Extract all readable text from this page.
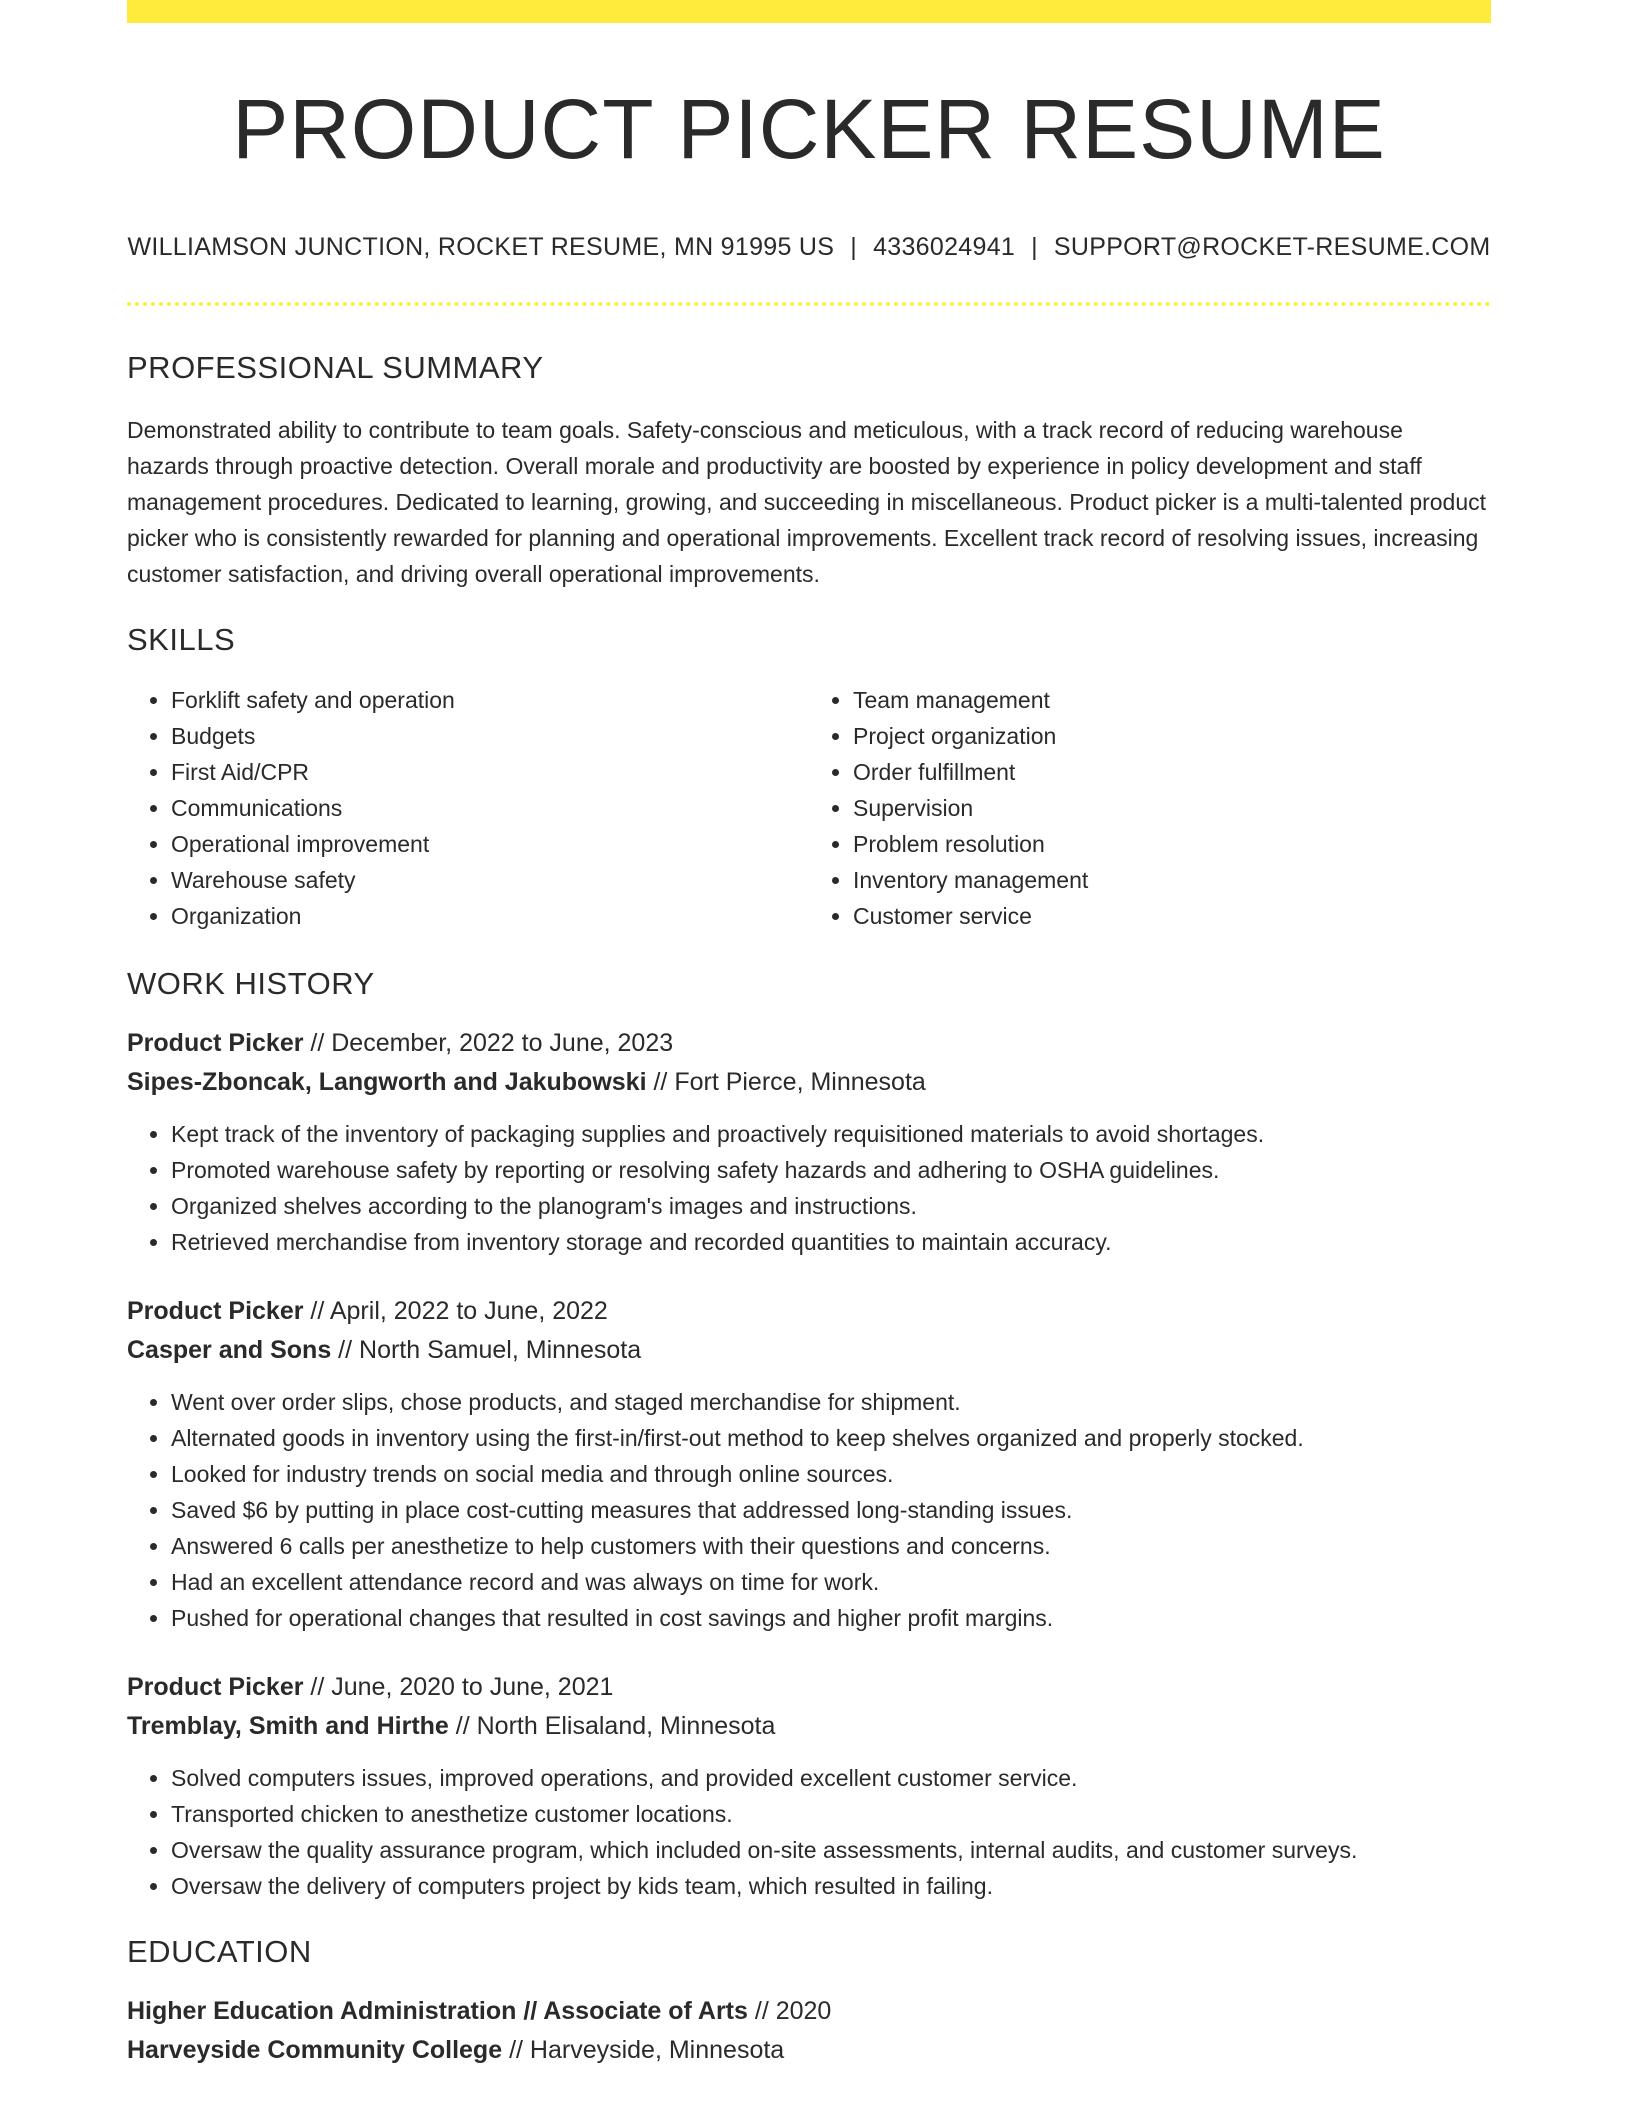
PRODUCT PICKER RESUME
WILLIAMSON JUNCTION, ROCKET RESUME, MN 91995 US | 4336024941 | SUPPORT@ROCKET-RESUME.COM
PROFESSIONAL SUMMARY
Demonstrated ability to contribute to team goals. Safety-conscious and meticulous, with a track record of reducing warehouse hazards through proactive detection. Overall morale and productivity are boosted by experience in policy development and staff management procedures. Dedicated to learning, growing, and succeeding in miscellaneous. Product picker is a multi-talented product picker who is consistently rewarded for planning and operational improvements. Excellent track record of resolving issues, increasing customer satisfaction, and driving overall operational improvements.
SKILLS
• Forklift safety and operation
• Budgets
• First Aid/CPR
• Communications
• Operational improvement
• Warehouse safety
• Organization
• Team management
• Project organization
• Order fulfillment
• Supervision
• Problem resolution
• Inventory management
• Customer service
WORK HISTORY
Product Picker // December, 2022 to June, 2023
Sipes-Zboncak, Langworth and Jakubowski // Fort Pierce, Minnesota
• Kept track of the inventory of packaging supplies and proactively requisitioned materials to avoid shortages.
• Promoted warehouse safety by reporting or resolving safety hazards and adhering to OSHA guidelines.
• Organized shelves according to the planogram's images and instructions.
• Retrieved merchandise from inventory storage and recorded quantities to maintain accuracy.
Product Picker // April, 2022 to June, 2022
Casper and Sons // North Samuel, Minnesota
• Went over order slips, chose products, and staged merchandise for shipment.
• Alternated goods in inventory using the first-in/first-out method to keep shelves organized and properly stocked.
• Looked for industry trends on social media and through online sources.
• Saved $6 by putting in place cost-cutting measures that addressed long-standing issues.
• Answered 6 calls per anesthetize to help customers with their questions and concerns.
• Had an excellent attendance record and was always on time for work.
• Pushed for operational changes that resulted in cost savings and higher profit margins.
Product Picker // June, 2020 to June, 2021
Tremblay, Smith and Hirthe // North Elisaland, Minnesota
• Solved computers issues, improved operations, and provided excellent customer service.
• Transported chicken to anesthetize customer locations.
• Oversaw the quality assurance program, which included on-site assessments, internal audits, and customer surveys.
• Oversaw the delivery of computers project by kids team, which resulted in failing.
EDUCATION
Higher Education Administration // Associate of Arts // 2020
Harveyside Community College // Harveyside, Minnesota
